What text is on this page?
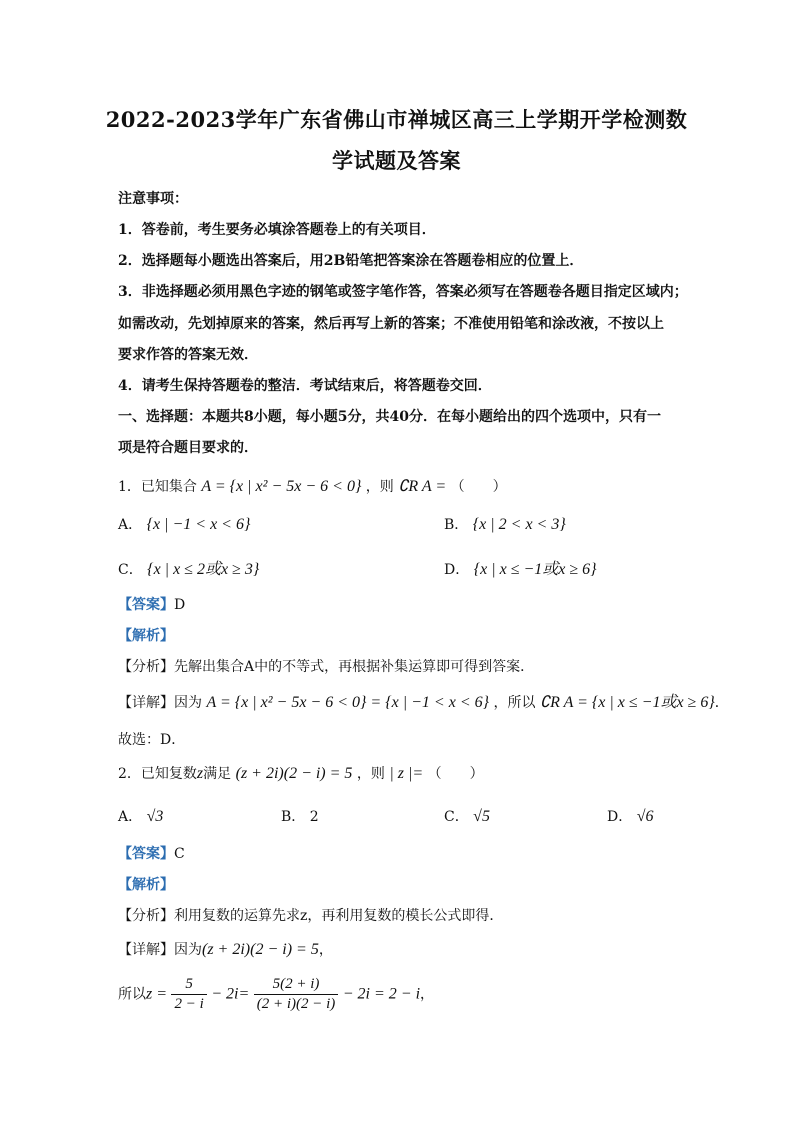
2022-2023学年广东省佛山市禅城区高三上学期开学检测数
学试题及答案
注意事项：
1．答卷前，考生要务必填涂答题卷上的有关项目．
2．选择题每小题选出答案后，用2B铅笔把答案涂在答题卷相应的位置上．
3．非选择题必须用黑色字迹的钢笔或签字笔作答，答案必须写在答题卷各题目指定区域内；
如需改动，先划掉原来的答案，然后再写上新的答案；不准使用铅笔和涂改液，不按以上
要求作答的答案无效．
4．请考生保持答题卷的整洁．考试结束后，将答题卷交回．
一、选择题：本题共8小题，每小题5分，共40分．在每小题给出的四个选项中，只有一
项是符合题目要求的．
1．已知集合 A = {x | x² − 5x − 6 < 0} ，则 ∁R A = （　　）
A． {x | −1 < x < 6}	B． {x | 2 < x < 3}
C． {x | x ≤ 2或x ≥ 3}	D． {x | x ≤ −1或x ≥ 6}
【答案】D
【解析】
【分析】先解出集合A中的不等式，再根据补集运算即可得到答案．
【详解】因为 A = {x | x² − 5x − 6 < 0} = {x | −1 < x < 6} ，所以 ∁R A = {x | x ≤ −1或x ≥ 6}．
故选：D．
2．已知复数z满足 (z + 2i)(2 − i) = 5 ，则 | z |= （　　）
A． √3	B． 2	C． √5	D． √6
【答案】C
【解析】
【分析】利用复数的运算先求z，再利用复数的模长公式即得．
【详解】因为(z + 2i)(2 − i) = 5，
所以$z = \frac{5}{2 - i} - 2i= \frac{5(2 + i)}{(2 + i)(2 - i)} - 2i = 2 - i$，
